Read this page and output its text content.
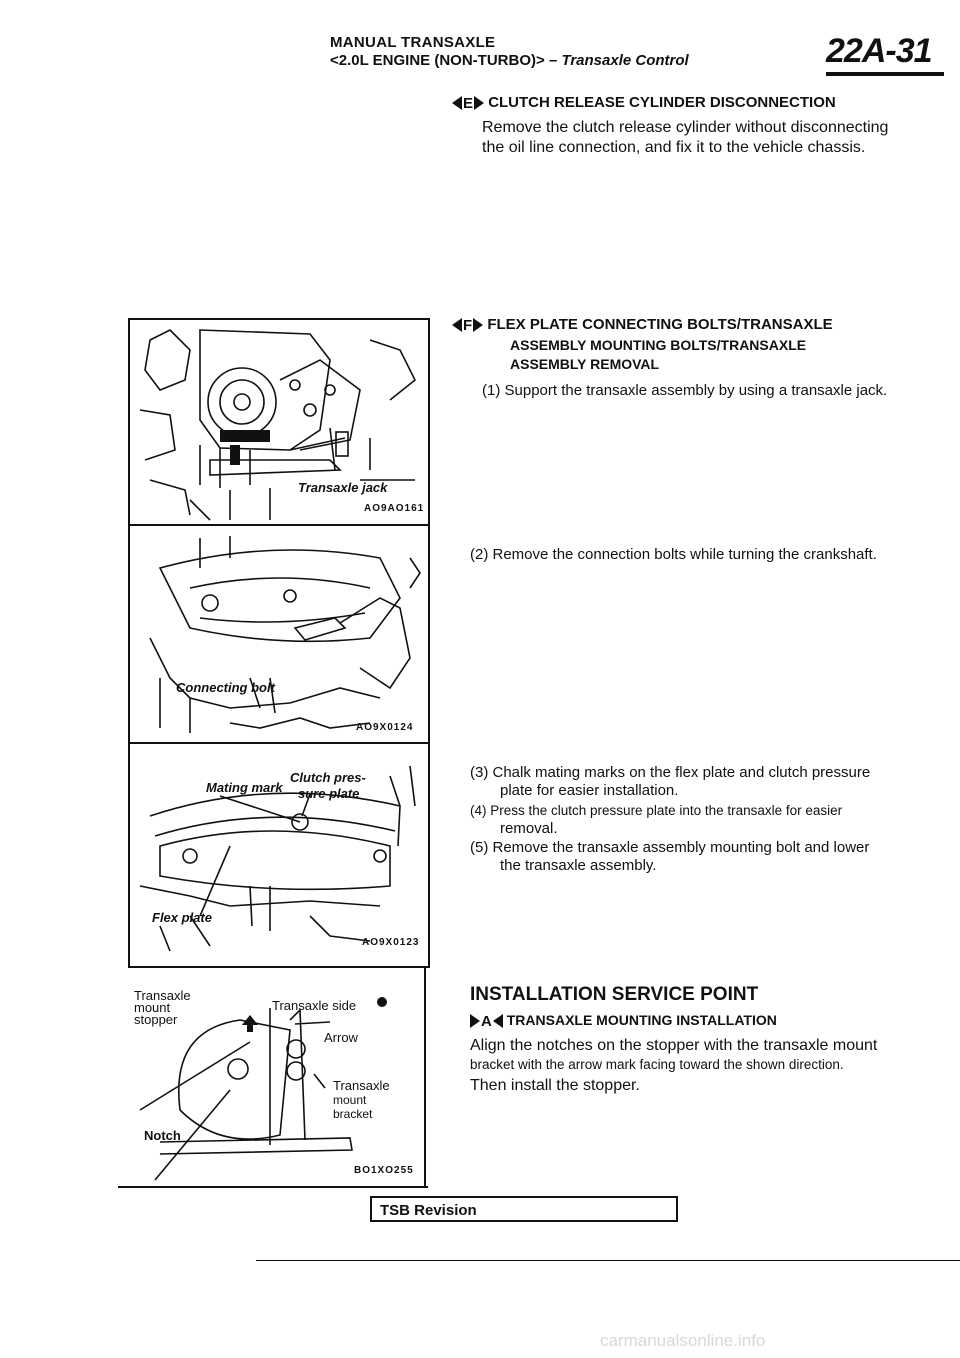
MANUAL TRANSAXLE
<2.0L ENGINE (NON-TURBO)> – Transaxle Control	22A-31
E CLUTCH RELEASE CYLINDER DISCONNECTION
Remove the clutch release cylinder without disconnecting
the oil line connection, and fix it to the vehicle chassis.
F FLEX PLATE CONNECTING BOLTS/TRANSAXLE
ASSEMBLY MOUNTING BOLTS/TRANSAXLE
ASSEMBLY REMOVAL
(1) Support the transaxle assembly by using a transaxle jack.
(2) Remove the connection bolts while turning the crankshaft.
(3) Chalk mating marks on the flex plate and clutch pressure
plate for easier installation.
(4) Press the clutch pressure plate into the transaxle for easier
removal.
(5) Remove the transaxle assembly mounting bolt and lower
the transaxle assembly.
INSTALLATION SERVICE POINT
A TRANSAXLE MOUNTING INSTALLATION
Align the notches on the stopper with the transaxle mount
bracket with the arrow mark facing toward the shown direction.
Then install the stopper.
Transaxle jack
AO9AO161
Connecting bolt
AO9X0124
Mating mark
Clutch pres-
sure plate
Flex plate
AO9X0123
Transaxle
mount
stopper
Transaxle side
Arrow
Transaxle
mount
bracket
Notch
BO1XO255
TSB Revision
carmanualsonline.info
